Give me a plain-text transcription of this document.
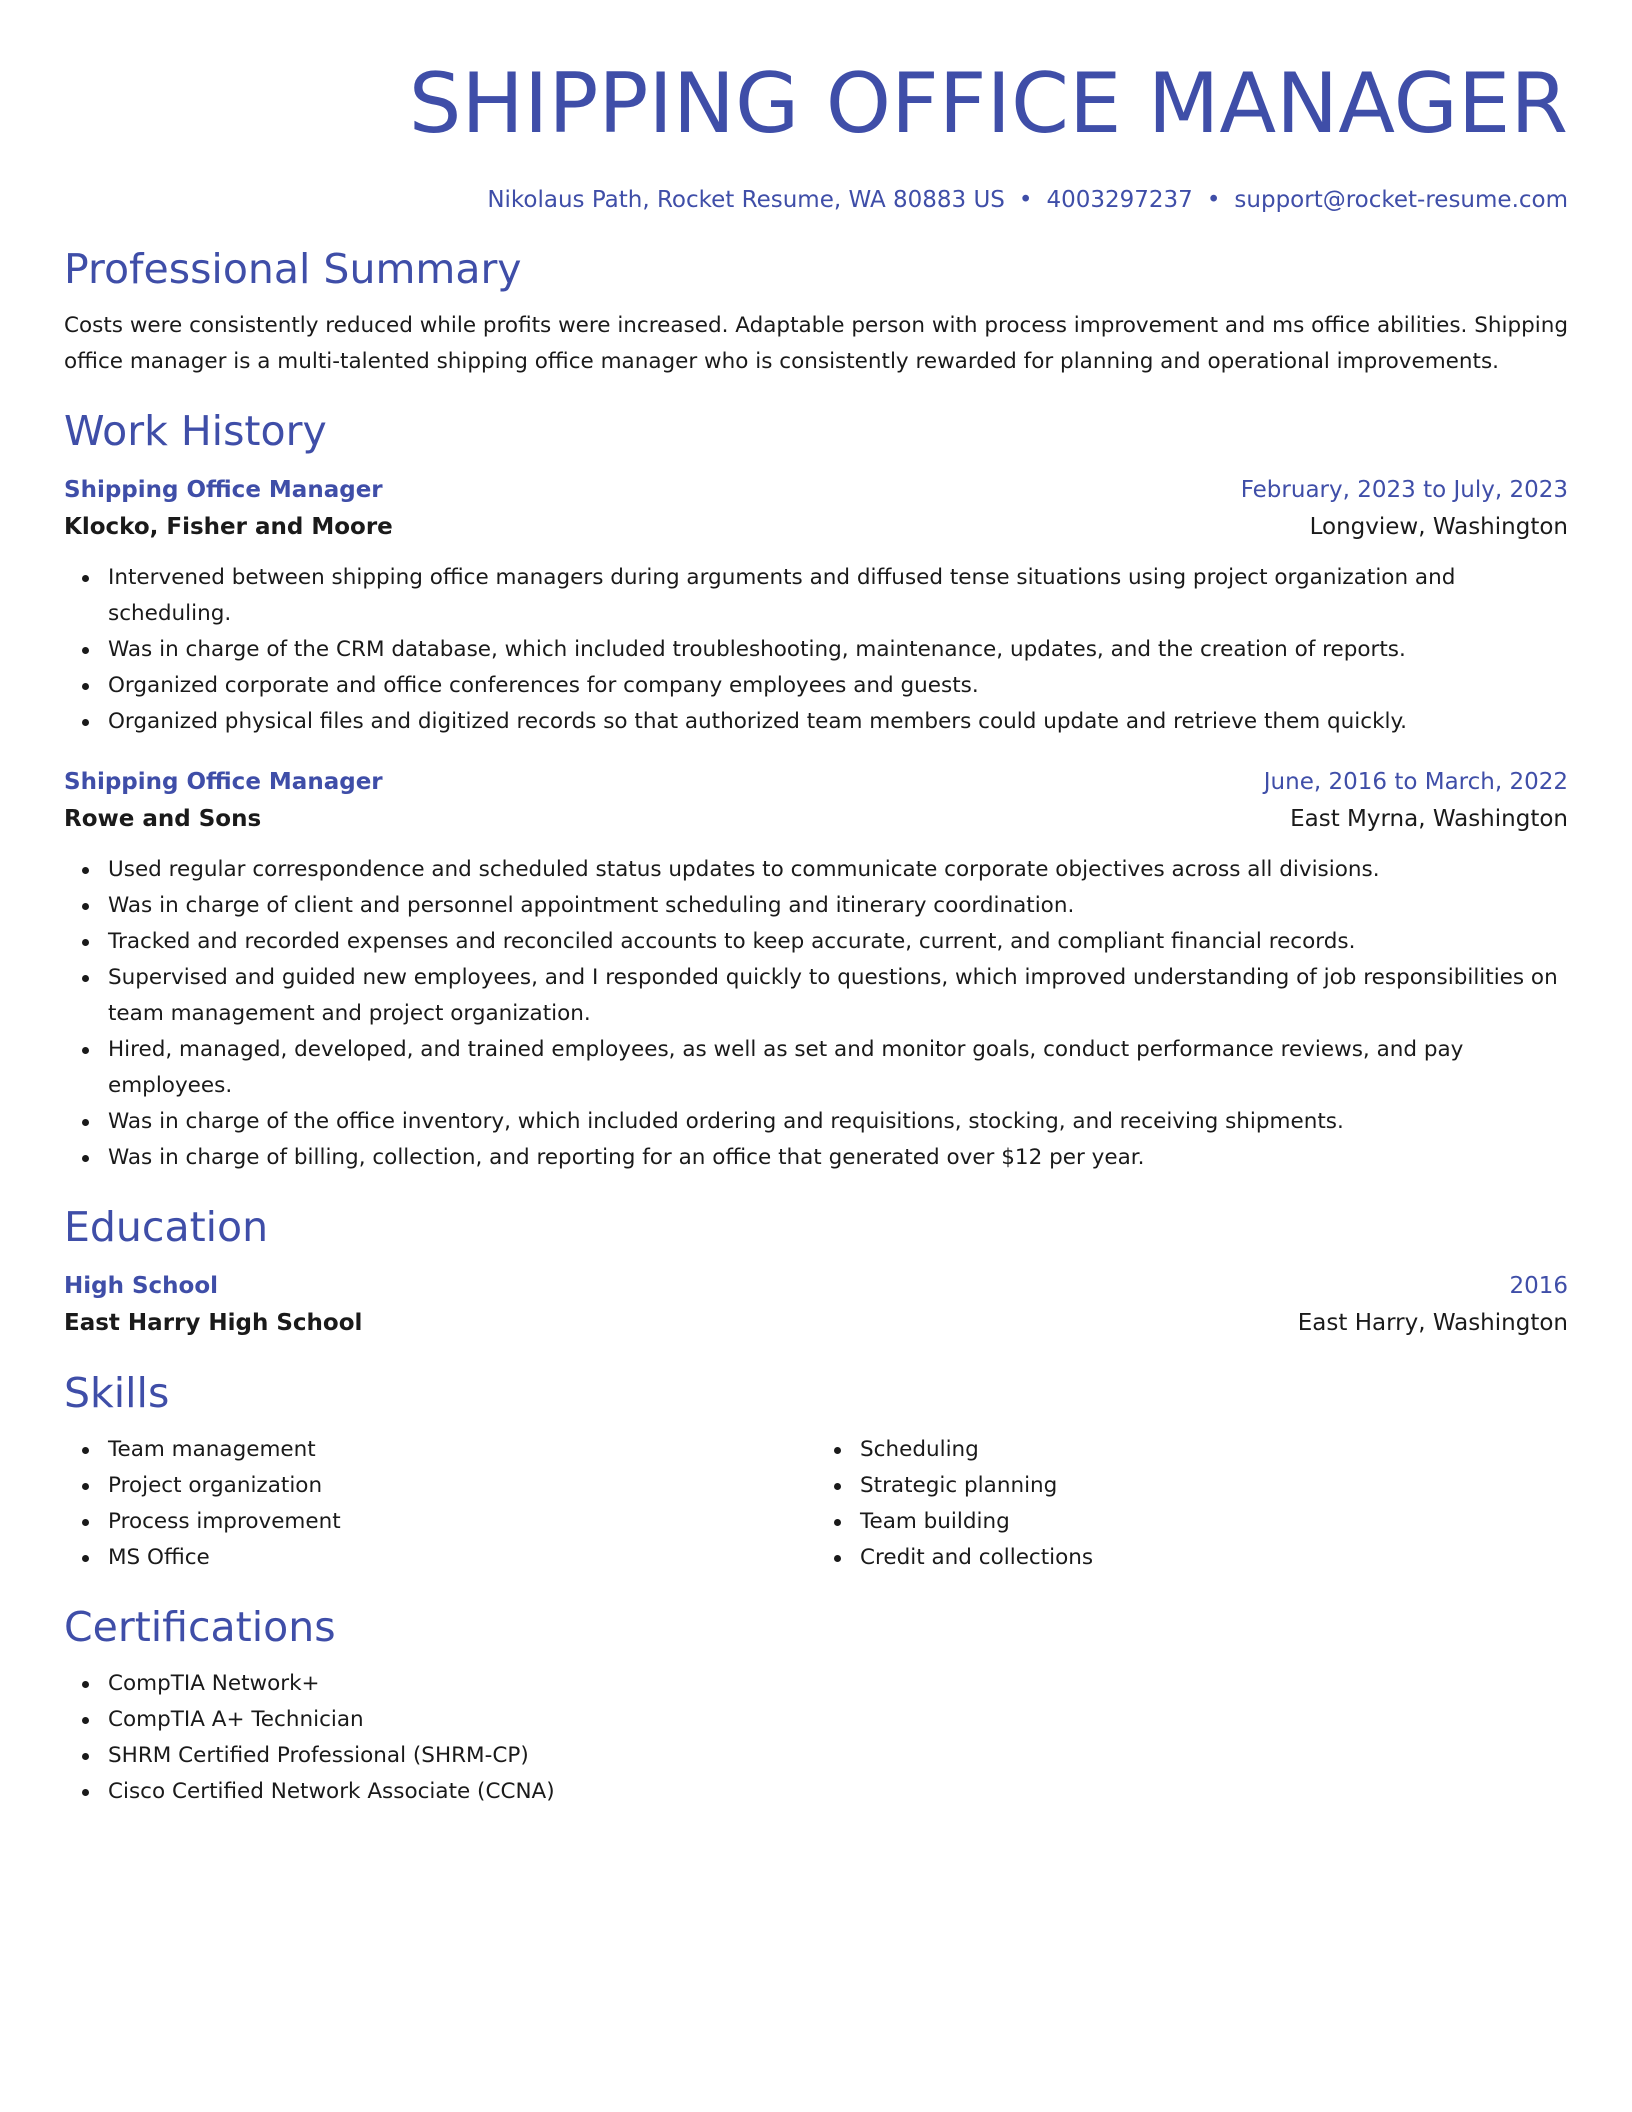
SHIPPING OFFICE MANAGER
Nikolaus Path, Rocket Resume, WA 80883 US • 4003297237 • support@rocket-resume.com
Professional Summary

Costs were consistently reduced while profits were increased. Adaptable person with process improvement and ms office abilities. Shipping office manager is a multi-talented shipping office manager who is consistently rewarded for planning and operational improvements.

Work History
Shipping Office Manager	February, 2023 to July, 2023
Klocko, Fisher and Moore	Longview, Washington
Intervened between shipping office managers during arguments and diffused tense situations using project organization and scheduling.
Was in charge of the CRM database, which included troubleshooting, maintenance, updates, and the creation of reports.
Organized corporate and office conferences for company employees and guests.
Organized physical files and digitized records so that authorized team members could update and retrieve them quickly.
Shipping Office Manager	June, 2016 to March, 2022
Rowe and Sons	East Myrna, Washington
Used regular correspondence and scheduled status updates to communicate corporate objectives across all divisions.
Was in charge of client and personnel appointment scheduling and itinerary coordination.
Tracked and recorded expenses and reconciled accounts to keep accurate, current, and compliant financial records.
Supervised and guided new employees, and I responded quickly to questions, which improved understanding of job responsibilities on team management and project organization.
Hired, managed, developed, and trained employees, as well as set and monitor goals, conduct performance reviews, and pay employees.
Was in charge of the office inventory, which included ordering and requisitions, stocking, and receiving shipments.
Was in charge of billing, collection, and reporting for an office that generated over $12 per year.
Education
High School	2016
East Harry High School	East Harry, Washington
Skills
Team management
Project organization
Process improvement
MS Office
Scheduling
Strategic planning
Team building
Credit and collections
Certifications
CompTIA Network+
CompTIA A+ Technician
SHRM Certified Professional (SHRM-CP)
Cisco Certified Network Associate (CCNA)
